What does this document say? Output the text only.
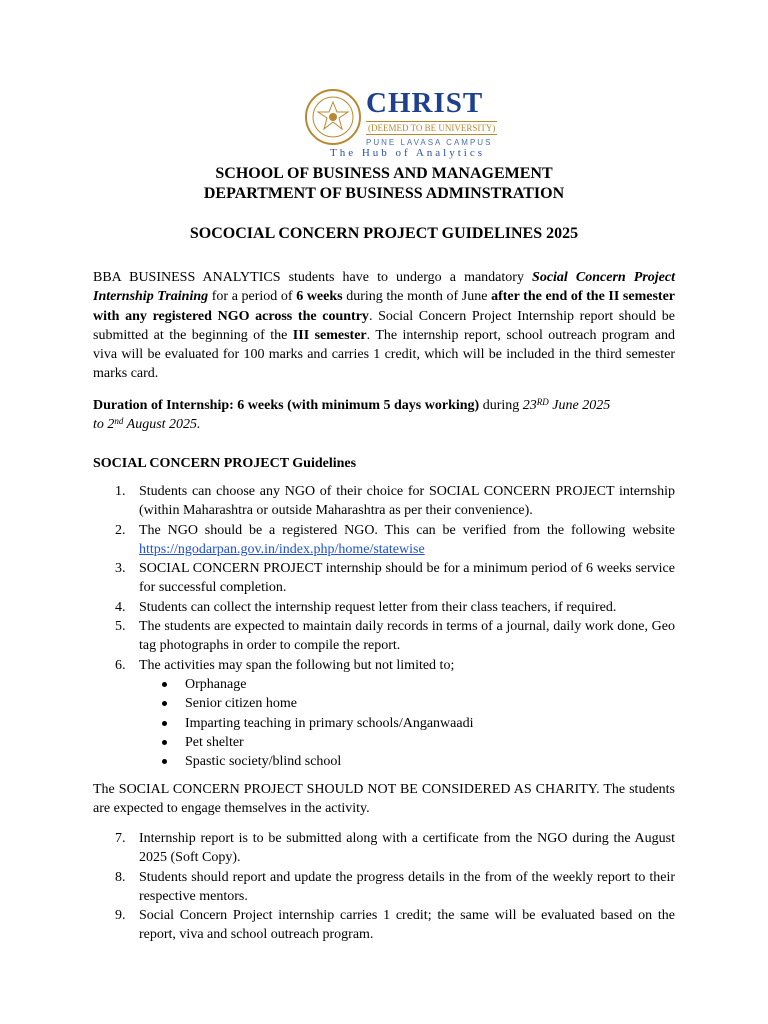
CHRIST
(DEEMED TO BE UNIVERSITY)
PUNE LAVASA CAMPUS
The Hub of Analytics
SCHOOL OF BUSINESS AND MANAGEMENT
DEPARTMENT OF BUSINESS ADMINSTRATION
SOCOCIAL CONCERN PROJECT GUIDELINES 2025
BBA BUSINESS ANALYTICS students have to undergo a mandatory Social Concern Project Internship Training for a period of 6 weeks during the month of June after the end of the II semester with any registered NGO across the country. Social Concern Project Internship report should be submitted at the beginning of the III semester. The internship report, school outreach program and viva will be evaluated for 100 marks and carries 1 credit, which will be included in the third semester marks card.
Duration of Internship: 6 weeks (with minimum 5 days working) during 23RD June 2025
to 2nd August 2025.
SOCIAL CONCERN PROJECT Guidelines
1. Students can choose any NGO of their choice for SOCIAL CONCERN PROJECT internship (within Maharashtra or outside Maharashtra as per their convenience).
2. The NGO should be a registered NGO. This can be verified from the following website https://ngodarpan.gov.in/index.php/home/statewise
3. SOCIAL CONCERN PROJECT internship should be for a minimum period of 6 weeks service for successful completion.
4. Students can collect the internship request letter from their class teachers, if required.
5. The students are expected to maintain daily records in terms of a journal, daily work done, Geo tag photographs in order to compile the report.
6. The activities may span the following but not limited to;
Orphanage
Senior citizen home
Imparting teaching in primary schools/Anganwaadi
Pet shelter
Spastic society/blind school
The SOCIAL CONCERN PROJECT SHOULD NOT BE CONSIDERED AS CHARITY. The students are expected to engage themselves in the activity.
7. Internship report is to be submitted along with a certificate from the NGO during the August 2025 (Soft Copy).
8. Students should report and update the progress details in the from of the weekly report to their respective mentors.
9. Social Concern Project internship carries 1 credit; the same will be evaluated based on the report, viva and school outreach program.
